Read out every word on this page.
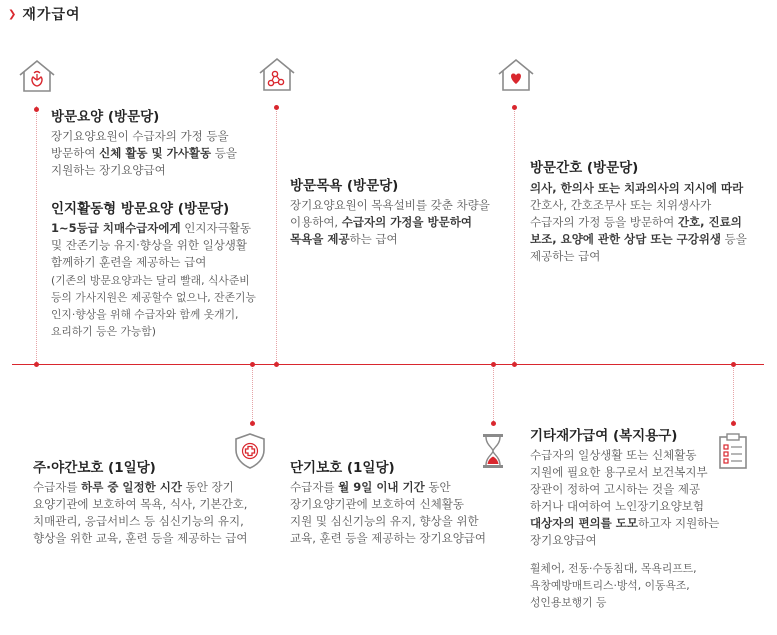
❯ 재가급여
방문요양 (방문당)
장기요양요원이 수급자의 가정 등을
방문하여 신체 활동 및 가사활동 등을
지원하는 장기요양급여
인지활동형 방문요양 (방문당)
1~5등급 치매수급자에게 인지자극활동
및 잔존기능 유지·향상을 위한 일상생활
함께하기 훈련을 제공하는 급여
(기존의 방문요양과는 달리 빨래, 식사준비
등의 가사지원은 제공할수 없으나, 잔존기능
인지·향상을 위해 수급자와 함께 옷개기,
요리하기 등은 가능함)
방문목욕 (방문당)
장기요양요원이 목욕설비를 갖춘 차량을
이용하여, 수급자의 가정을 방문하여
목욕을 제공하는 급여
방문간호 (방문당)
의사, 한의사 또는 치과의사의 지시에 따라
간호사, 간호조무사 또는 치위생사가
수급자의 가정 등을 방문하여 간호, 진료의
보조, 요양에 관한 상담 또는 구강위생 등을
제공하는 급여
주·야간보호 (1일당)
수급자를 하루 중 일정한 시간 동안 장기
요양기관에 보호하여 목욕, 식사, 기본간호,
치매관리, 응급서비스 등 심신기능의 유지,
향상을 위한 교육, 훈련 등을 제공하는 급여
단기보호 (1일당)
수급자를 월 9일 이내 기간 동안
장기요양기관에 보호하여 신체활동
지원 및 심신기능의 유지, 향상을 위한
교육, 훈련 등을 제공하는 장기요양급여
기타재가급여 (복지용구)
수급자의 일상생활 또는 신체활동
지원에 필요한 용구로서 보건복지부
장관이 정하여 고시하는 것을 제공
하거나 대여하여 노인장기요양보험
대상자의 편의를 도모하고자 지원하는
장기요양급여
휠체어, 전동·수동침대, 목욕리프트,
욕창예방매트리스·방석, 이동욕조,
성인용보행기 등
